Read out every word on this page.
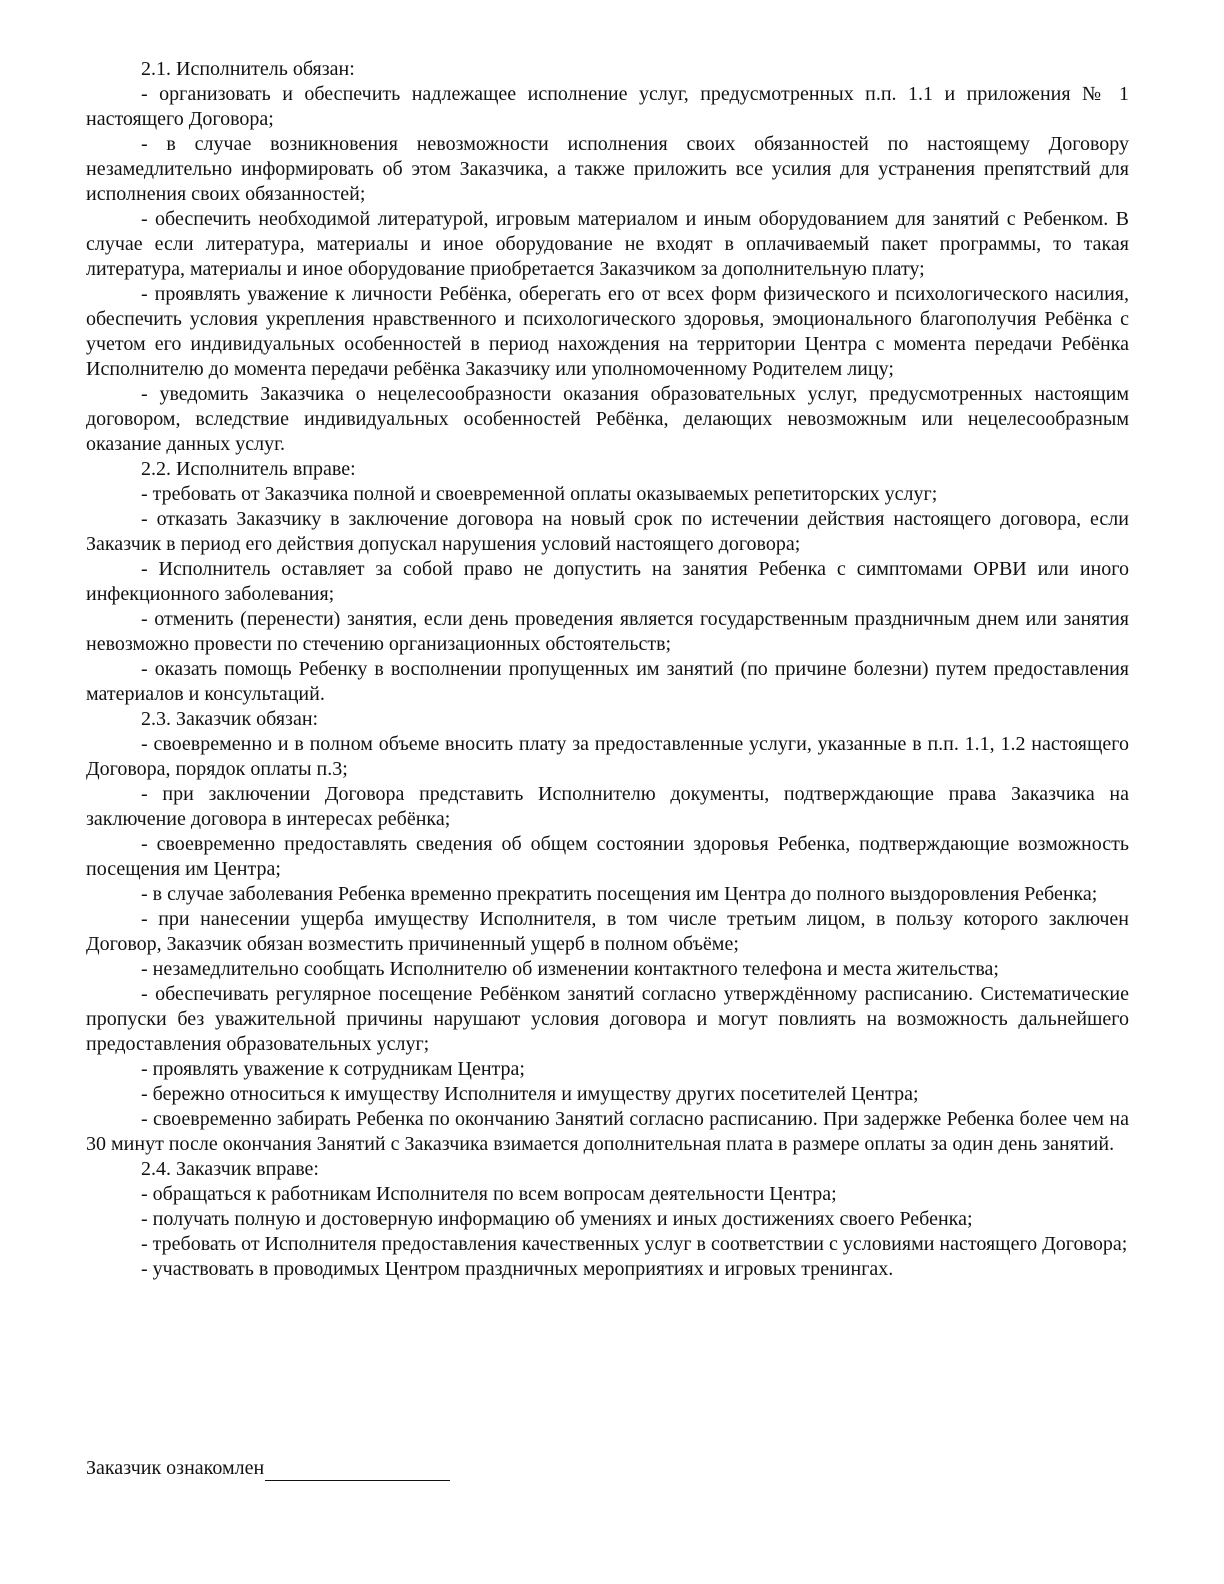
2.1. Исполнитель обязан:

- организовать и обеспечить надлежащее исполнение услуг, предусмотренных п.п. 1.1 и приложения № 1 настоящего Договора;

- в случае возникновения невозможности исполнения своих обязанностей по настоящему Договору незамедлительно информировать об этом Заказчика, а также приложить все усилия для устранения препятствий для исполнения своих обязанностей;

- обеспечить необходимой литературой, игровым материалом и иным оборудованием для занятий с Ребенком. В случае если литература, материалы и иное оборудование не входят в оплачиваемый пакет программы, то такая литература, материалы и иное оборудование приобретается Заказчиком за дополнительную плату;

- проявлять уважение к личности Ребёнка, оберегать его от всех форм физического и психологического насилия, обеспечить условия укрепления нравственного и психологического здоровья, эмоционального благополучия Ребёнка с учетом его индивидуальных особенностей в период нахождения на территории Центра с момента передачи Ребёнка Исполнителю до момента передачи ребёнка Заказчику или уполномоченному Родителем лицу;

- уведомить Заказчика о нецелесообразности оказания образовательных услуг, предусмотренных настоящим договором, вследствие индивидуальных особенностей Ребёнка, делающих невозможным или нецелесообразным оказание данных услуг.

2.2. Исполнитель вправе:

- требовать от Заказчика полной и своевременной оплаты оказываемых репетиторских услуг;

- отказать Заказчику в заключение договора на новый срок по истечении действия настоящего договора, если Заказчик в период его действия допускал нарушения условий настоящего договора;

- Исполнитель оставляет за собой право не допустить на занятия Ребенка с симптомами ОРВИ или иного инфекционного заболевания;

- отменить (перенести) занятия, если день проведения является государственным праздничным днем или занятия невозможно провести по стечению организационных обстоятельств;

- оказать помощь Ребенку в восполнении пропущенных им занятий (по причине болезни) путем предоставления материалов и консультаций.

2.3. Заказчик обязан:

- своевременно и в полном объеме вносить плату за предоставленные услуги, указанные в п.п. 1.1, 1.2 настоящего Договора, порядок оплаты п.3;

- при заключении Договора представить Исполнителю документы, подтверждающие права Заказчика на заключение договора в интересах ребёнка;

- своевременно предоставлять сведения об общем состоянии здоровья Ребенка, подтверждающие возможность посещения им Центра;

- в случае заболевания Ребенка временно прекратить посещения им Центра до полного выздоровления Ребенка;

- при нанесении ущерба имуществу Исполнителя, в том числе третьим лицом, в пользу которого заключен Договор, Заказчик обязан возместить причиненный ущерб в полном объёме;

- незамедлительно сообщать Исполнителю об изменении контактного телефона и места жительства;

- обеспечивать регулярное посещение Ребёнком занятий согласно утверждённому расписанию. Систематические пропуски без уважительной причины нарушают условия договора и могут повлиять на возможность дальнейшего предоставления образовательных услуг;

- проявлять уважение к сотрудникам Центра;

- бережно относиться к имуществу Исполнителя и имуществу других посетителей Центра;

- своевременно забирать Ребенка по окончанию Занятий согласно расписанию. При задержке Ребенка более чем на 30 минут после окончания Занятий с Заказчика взимается дополнительная плата в размере оплаты за один день занятий.

2.4. Заказчик вправе:

- обращаться к работникам Исполнителя по всем вопросам деятельности Центра;

- получать полную и достоверную информацию об умениях и иных достижениях своего Ребенка;

- требовать от Исполнителя предоставления качественных услуг в соответствии с условиями настоящего Договора;

- участвовать в проводимых Центром праздничных мероприятиях и игровых тренингах.

Заказчик ознакомлен
